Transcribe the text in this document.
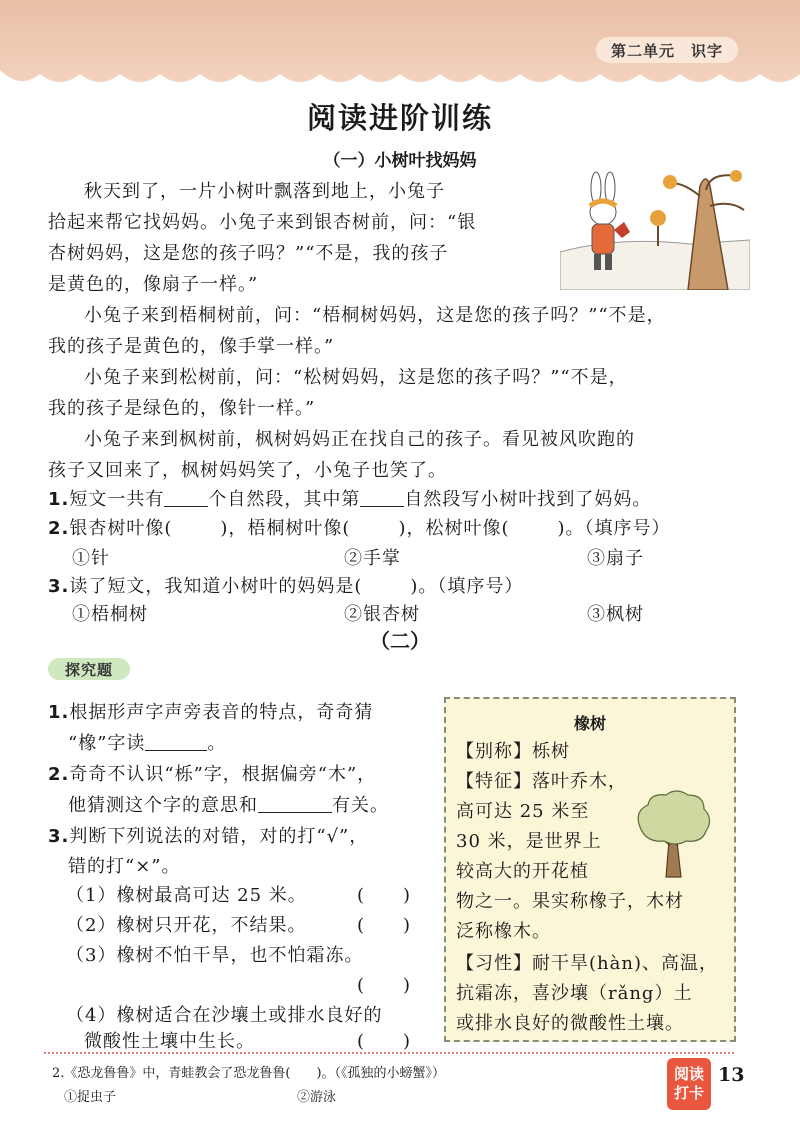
第二单元　识字
阅读进阶训练
（一）小树叶找妈妈
秋天到了，一片小树叶飘落到地上，小兔子
拾起来帮它找妈妈。小兔子来到银杏树前，问：“银
杏树妈妈，这是您的孩子吗？”“不是，我的孩子
是黄色的，像扇子一样。”
小兔子来到梧桐树前，问：“梧桐树妈妈，这是您的孩子吗？”“不是，
我的孩子是黄色的，像手掌一样。”
小兔子来到松树前，问：“松树妈妈，这是您的孩子吗？”“不是，
我的孩子是绿色的，像针一样。”
小兔子来到枫树前，枫树妈妈正在找自己的孩子。看见被风吹跑的
孩子又回来了，枫树妈妈笑了，小兔子也笑了。
1.短文一共有 个自然段，其中第 自然段写小树叶找到了妈妈。
2.银杏树叶像(	)，梧桐树叶像(	)，松树叶像(	)。（填序号）
①针	②手掌	③扇子
3.读了短文，我知道小树叶的妈妈是(	)。（填序号）
①梧桐树	②银杏树	③枫树
（二）
探究题
1.根据形声字声旁表音的特点，奇奇猜
“橡”字读	。
2.奇奇不认识“栎”字，根据偏旁“木”，
他猜测这个字的意思和	有关。
3.判断下列说法的对错，对的打“√”，
错的打“×”。
（1）橡树最高可达 25 米。	(　　)
（2）橡树只开花，不结果。	(　　)
（3）橡树不怕干旱，也不怕霜冻。
(　　)
（4）橡树适合在沙壤土或排水良好的
微酸性土壤中生长。	(　　)
橡树
【别称】栎树
【特征】落叶乔木，
高可达 25 米至
30 米，是世界上
较高大的开花植
物之一。果实称橡子，木材
泛称橡木。
【习性】耐干旱(hàn)、高温，
抗霜冻，喜沙壤（rǎng）土
或排水良好的微酸性土壤。
2.《恐龙鲁鲁》中，青蛙教会了恐龙鲁鲁(　　)。（《孤独的小螃蟹》）
①捉虫子	②游泳
阅读
打卡
13
